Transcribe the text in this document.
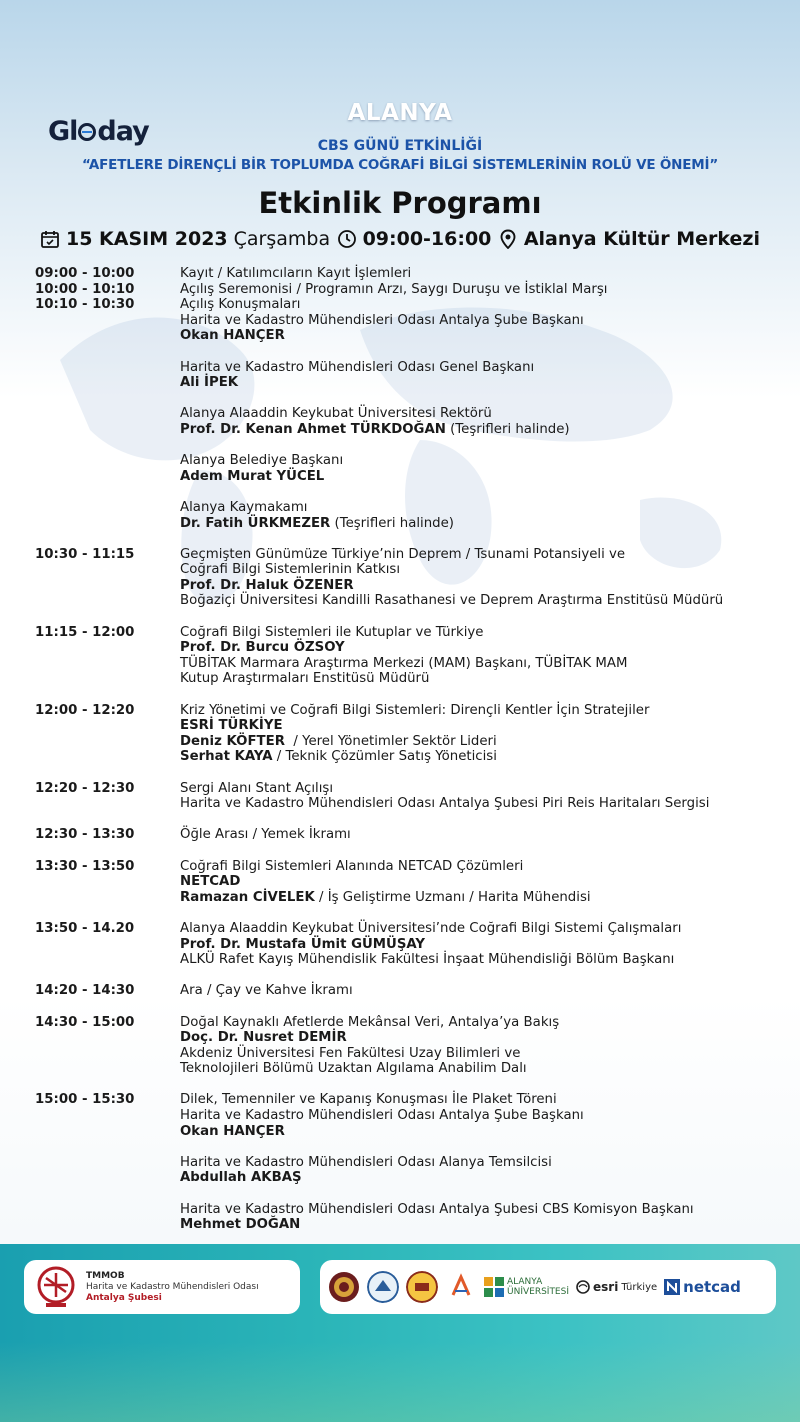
Gl day
ALANYA
CBS GÜNÜ ETKİNLİĞİ
“AFETLERE DİRENÇLİ BİR TOPLUMDA COĞRAFİ BİLGİ SİSTEMLERİNİN ROLÜ VE ÖNEMİ”
Etkinlik Programı
15 KASIM 2023 Çarşamba 09:00-16:00 Alanya Kültür Merkezi
09:00 - 10:00	Kayıt / Katılımcıların Kayıt İşlemleri
10:00 - 10:10	Açılış Seremonisi / Programın Arzı, Saygı Duruşu ve İstiklal Marşı
10:10 - 10:30	Açılış Konuşmaları
Harita ve Kadastro Mühendisleri Odası Antalya Şube Başkanı
Okan HANÇER
Harita ve Kadastro Mühendisleri Odası Genel Başkanı
Ali İPEK
Alanya Alaaddin Keykubat Üniversitesi Rektörü
Prof. Dr. Kenan Ahmet TÜRKDOĞAN (Teşrifleri halinde)
Alanya Belediye Başkanı
Adem Murat YÜCEL
Alanya Kaymakamı
Dr. Fatih ÜRKMEZER (Teşrifleri halinde)
10:30 - 11:15	Geçmişten Günümüze Türkiye’nin Deprem / Tsunami Potansiyeli ve
Coğrafi Bilgi Sistemlerinin Katkısı
Prof. Dr. Haluk ÖZENER
Boğaziçi Üniversitesi Kandilli Rasathanesi ve Deprem Araştırma Enstitüsü Müdürü
11:15 - 12:00	Coğrafi Bilgi Sistemleri ile Kutuplar ve Türkiye
Prof. Dr. Burcu ÖZSOY
TÜBİTAK Marmara Araştırma Merkezi (MAM) Başkanı, TÜBİTAK MAM
Kutup Araştırmaları Enstitüsü Müdürü
12:00 - 12:20	Kriz Yönetimi ve Coğrafi Bilgi Sistemleri: Dirençli Kentler İçin Stratejiler
ESRİ TÜRKİYE
Deniz KÖFTER  / Yerel Yönetimler Sektör Lideri
Serhat KAYA / Teknik Çözümler Satış Yöneticisi
12:20 - 12:30	Sergi Alanı Stant Açılışı
Harita ve Kadastro Mühendisleri Odası Antalya Şubesi Piri Reis Haritaları Sergisi
12:30 - 13:30	Öğle Arası / Yemek İkramı
13:30 - 13:50	Coğrafi Bilgi Sistemleri Alanında NETCAD Çözümleri
NETCAD
Ramazan CİVELEK / İş Geliştirme Uzmanı / Harita Mühendisi
13:50 - 14.20	Alanya Alaaddin Keykubat Üniversitesi’nde Coğrafi Bilgi Sistemi Çalışmaları
Prof. Dr. Mustafa Ümit GÜMÜŞAY
ALKÜ Rafet Kayış Mühendislik Fakültesi İnşaat Mühendisliği Bölüm Başkanı
14:20 - 14:30	Ara / Çay ve Kahve İkramı
14:30 - 15:00	Doğal Kaynaklı Afetlerde Mekânsal Veri, Antalya’ya Bakış
Doç. Dr. Nusret DEMİR
Akdeniz Üniversitesi Fen Fakültesi Uzay Bilimleri ve
Teknolojileri Bölümü Uzaktan Algılama Anabilim Dalı
15:00 - 15:30	Dilek, Temenniler ve Kapanış Konuşması İle Plaket Töreni
Harita ve Kadastro Mühendisleri Odası Antalya Şube Başkanı
Okan HANÇER
Harita ve Kadastro Mühendisleri Odası Alanya Temsilcisi
Abdullah AKBAŞ
Harita ve Kadastro Mühendisleri Odası Antalya Şubesi CBS Komisyon Başkanı
Mehmet DOĞAN
TMMOB
Harita ve Kadastro Mühendisleri Odası
Antalya Şubesi
ALANYA
ÜNİVERSİTESİ esri Türkiye netcad
